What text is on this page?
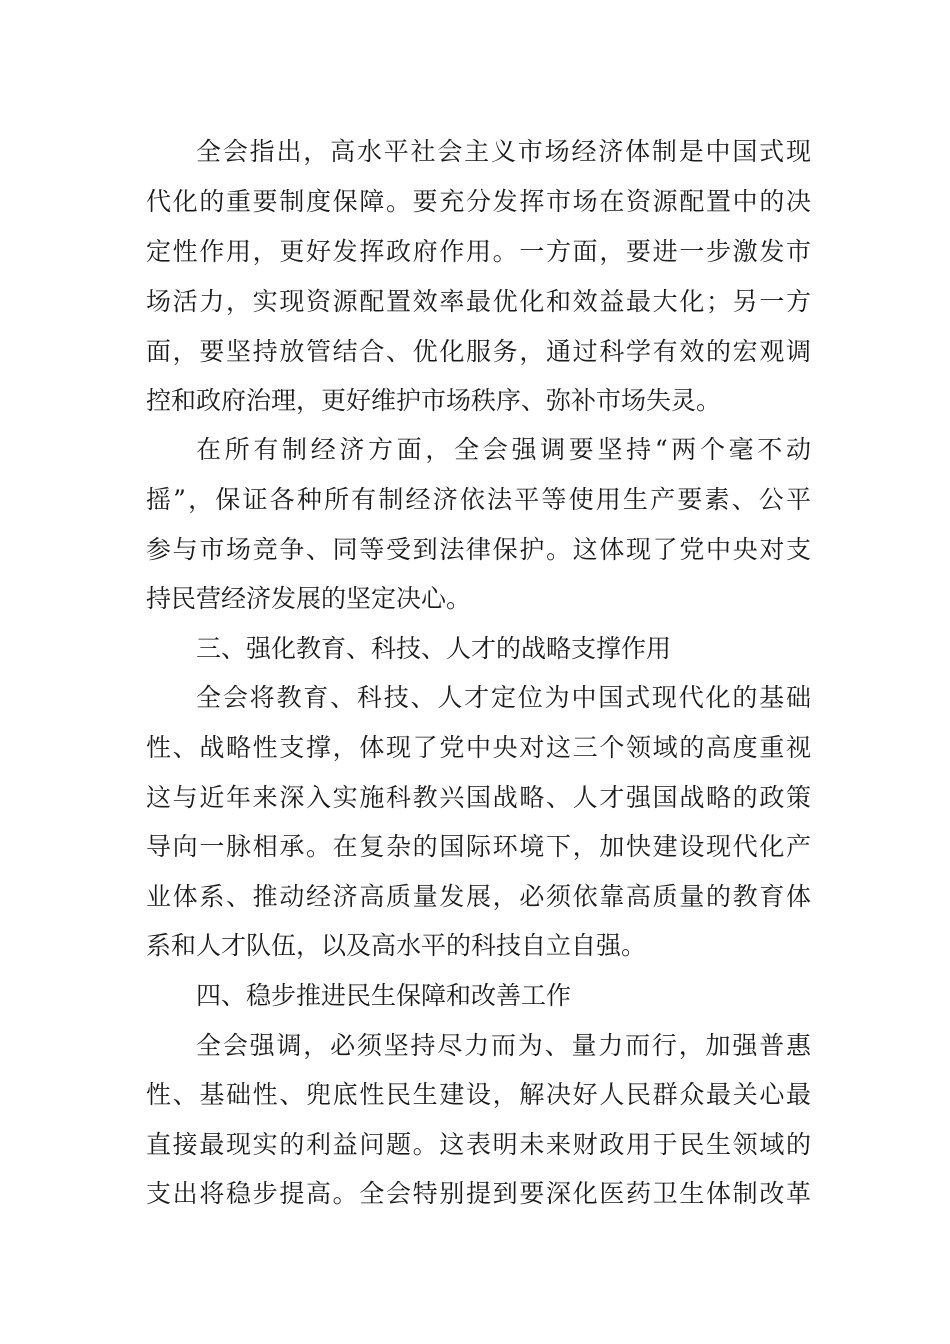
全会指出，高水平社会主义市场经济体制是中国式现
代化的重要制度保障。要充分发挥市场在资源配置中的决
定性作用，更好发挥政府作用。一方面，要进一步激发市
场活力，实现资源配置效率最优化和效益最大化；另一方
面，要坚持放管结合、优化服务，通过科学有效的宏观调
控和政府治理，更好维护市场秩序、弥补市场失灵。
在所有制经济方面，全会强调要坚持“两个毫不动
摇”，保证各种所有制经济依法平等使用生产要素、公平
参与市场竞争、同等受到法律保护。这体现了党中央对支
持民营经济发展的坚定决心。
三、强化教育、科技、人才的战略支撑作用
全会将教育、科技、人才定位为中国式现代化的基础
性、战略性支撑，体现了党中央对这三个领域的高度重视
这与近年来深入实施科教兴国战略、人才强国战略的政策
导向一脉相承。在复杂的国际环境下，加快建设现代化产
业体系、推动经济高质量发展，必须依靠高质量的教育体
系和人才队伍，以及高水平的科技自立自强。
四、稳步推进民生保障和改善工作
全会强调，必须坚持尽力而为、量力而行，加强普惠
性、基础性、兜底性民生建设，解决好人民群众最关心最
直接最现实的利益问题。这表明未来财政用于民生领域的
支出将稳步提高。全会特别提到要深化医药卫生体制改革
